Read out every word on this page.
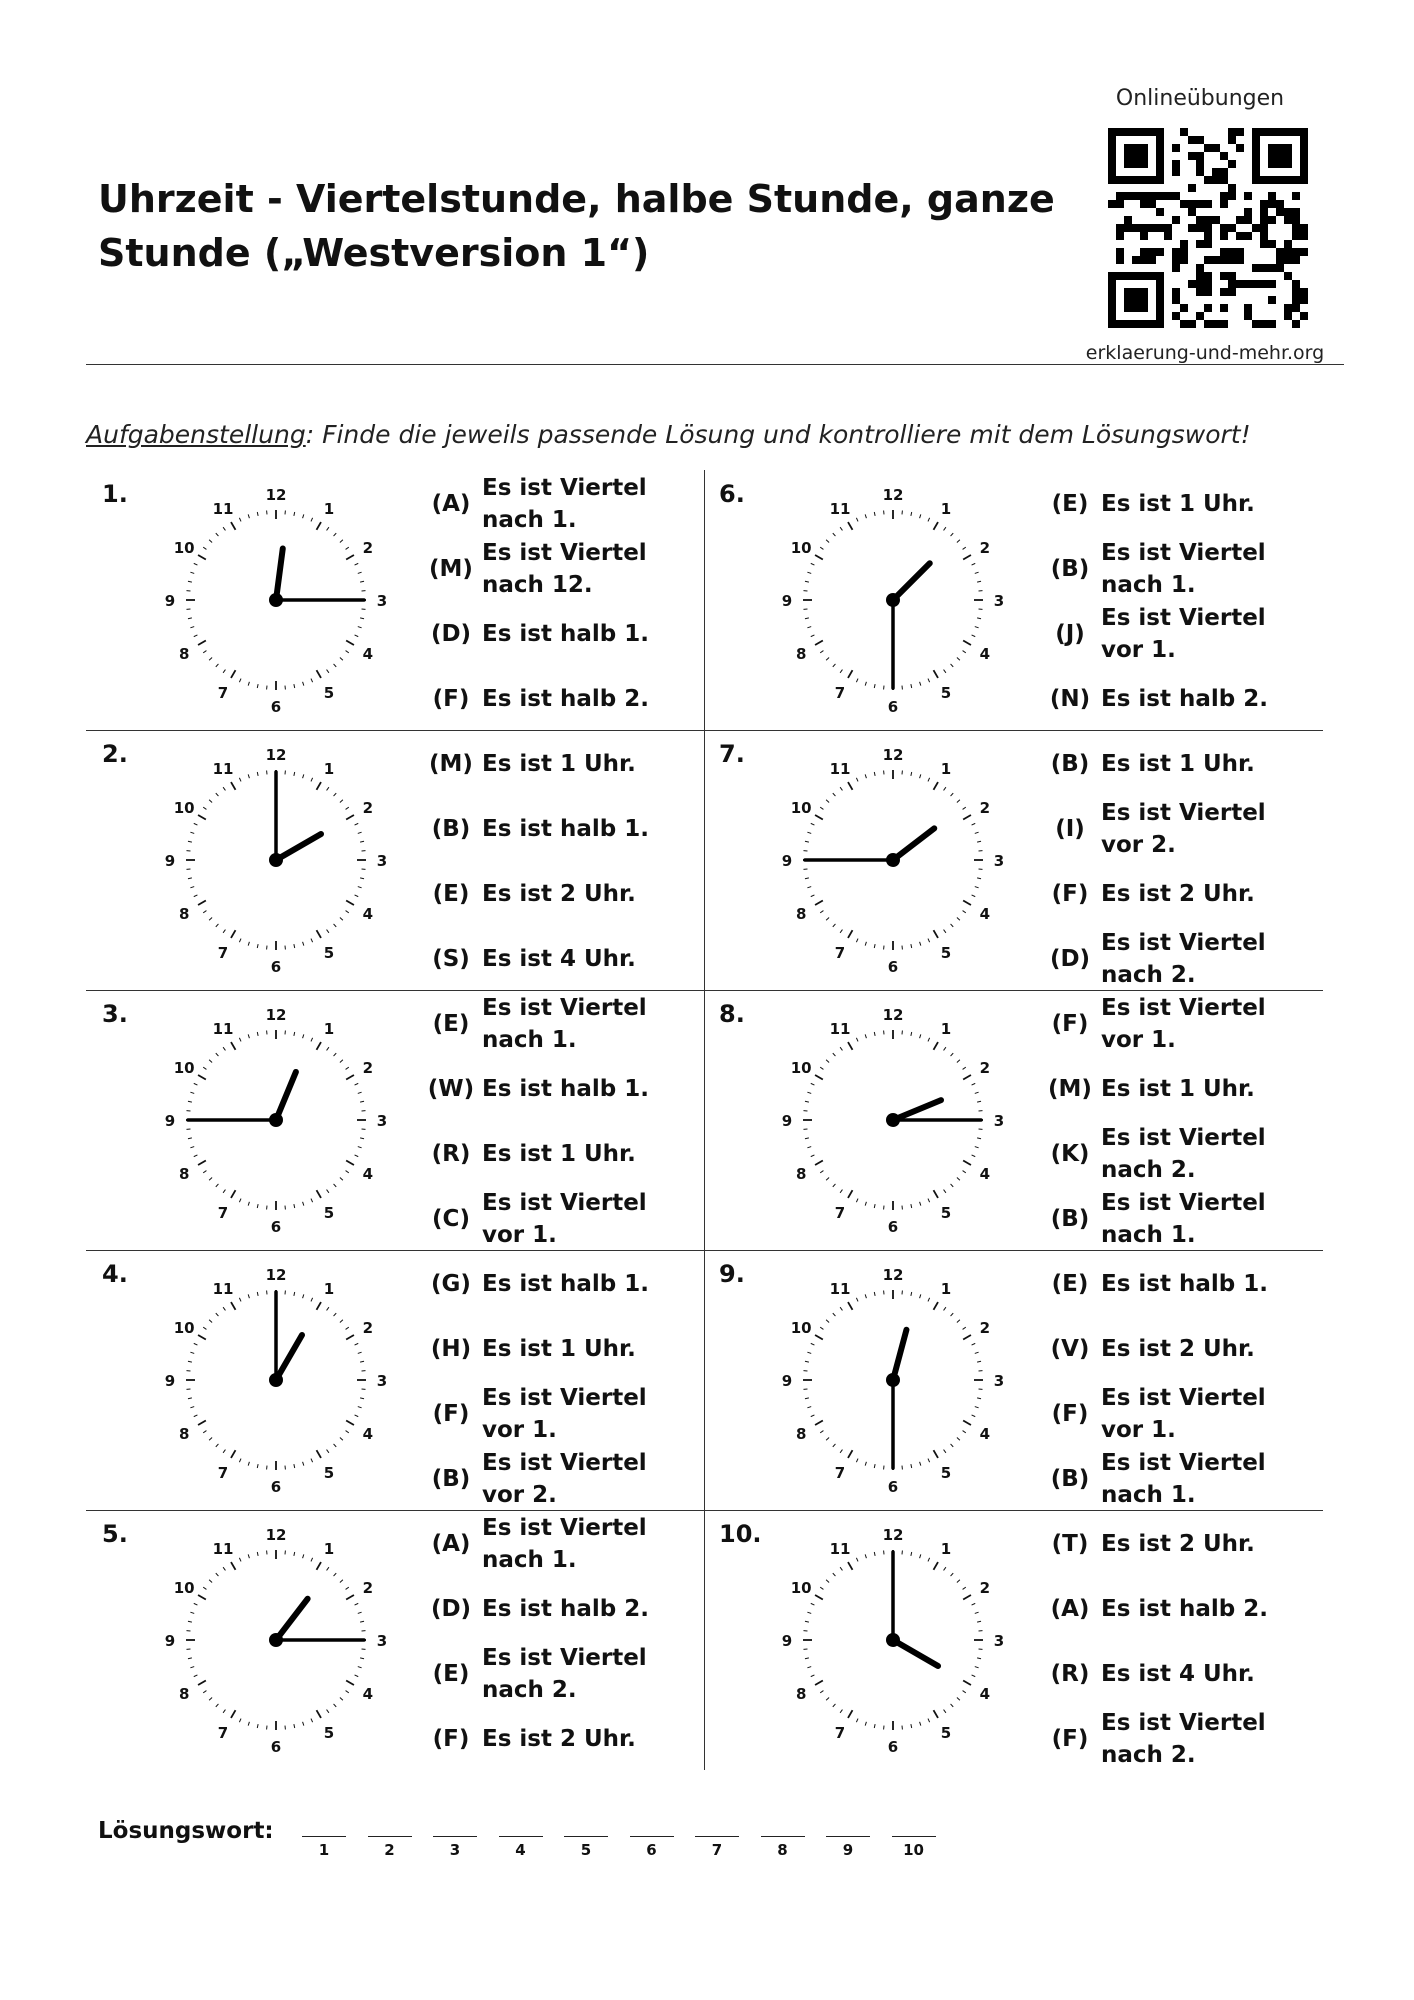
Onlineübungen
erklaerung-und-mehr.org
Uhrzeit - Viertelstunde, halbe Stunde, ganze Stunde („Westversion 1“)
Aufgabenstellung: Finde die jeweils passende Lösung und kontrolliere mit dem Lösungswort!
1.	12
1
2
3
4
5
6
7
8
9
10
11	(A)
Es ist Viertel nach 1.
(M)
Es ist Viertel nach 12.
(D) Es ist halb 1.
(F) Es ist halb 2.
2.	12
1
2
3
4
5
6
7
8
9
10
11	(M) Es ist 1 Uhr.
(B) Es ist halb 1.
(E) Es ist 2 Uhr.
(S) Es ist 4 Uhr.
3.	12
1
2
3
4
5
6
7
8
9
10
11	(E)
Es ist Viertel nach 1.
(W) Es ist halb 1.
(R) Es ist 1 Uhr.
(C)
Es ist Viertel vor 1.
4.	12
1
2
3
4
5
6
7
8
9
10
11	(G) Es ist halb 1.
(H) Es ist 1 Uhr.
(F)
Es ist Viertel vor 1.
(B)
Es ist Viertel vor 2.
5.	12
1
2
3
4
5
6
7
8
9
10
11	(A)
Es ist Viertel nach 1.
(D) Es ist halb 2.
(E)
Es ist Viertel nach 2.
(F) Es ist 2 Uhr.
6.	12
1
2
3
4
5
6
7
8
9
10
11	(E) Es ist 1 Uhr.
(B)
Es ist Viertel nach 1.
(J)
Es ist Viertel vor 1.
(N) Es ist halb 2.
7.	12
1
2
3
4
5
6
7
8
9
10
11	(B) Es ist 1 Uhr.
(I)
Es ist Viertel vor 2.
(F) Es ist 2 Uhr.
(D)
Es ist Viertel nach 2.
8.	12
1
2
3
4
5
6
7
8
9
10
11	(F)
Es ist Viertel vor 1.
(M) Es ist 1 Uhr.
(K)
Es ist Viertel nach 2.
(B)
Es ist Viertel nach 1.
9.	12
1
2
3
4
5
6
7
8
9
10
11	(E) Es ist halb 1.
(V) Es ist 2 Uhr.
(F)
Es ist Viertel vor 1.
(B)
Es ist Viertel nach 1.
10.	12
1
2
3
4
5
6
7
8
9
10
11	(T) Es ist 2 Uhr.
(A) Es ist halb 2.
(R) Es ist 4 Uhr.
(F)
Es ist Viertel nach 2.
Lösungswort:
1	2	3	4	5	6	7	8	9	10
